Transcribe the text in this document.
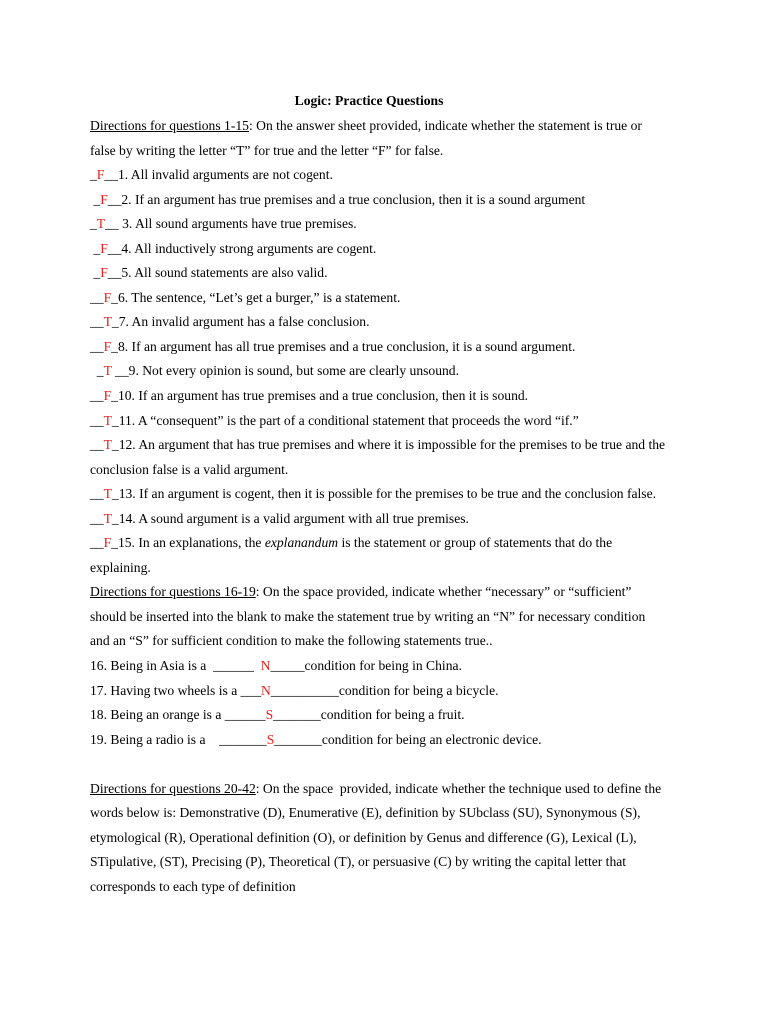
Logic: Practice Questions
Directions for questions 1-15: On the answer sheet provided, indicate whether the statement is true or
false by writing the letter “T” for true and the letter “F” for false.
_F__1. All invalid arguments are not cogent.
_F__2. If an argument has true premises and a true conclusion, then it is a sound argument
_T__ 3. All sound arguments have true premises.
_F__4. All inductively strong arguments are cogent.
_F__5. All sound statements are also valid.
__F_6. The sentence, “Let’s get a burger,” is a statement.
__T_7. An invalid argument has a false conclusion.
__F_8. If an argument has all true premises and a true conclusion, it is a sound argument.
_T __9. Not every opinion is sound, but some are clearly unsound.
__F_10. If an argument has true premises and a true conclusion, then it is sound.
__T_11. A “consequent” is the part of a conditional statement that proceeds the word “if.”
__T_12. An argument that has true premises and where it is impossible for the premises to be true and the
conclusion false is a valid argument.
__T_13. If an argument is cogent, then it is possible for the premises to be true and the conclusion false.
__T_14. A sound argument is a valid argument with all true premises.
__F_15. In an explanations, the explanandum is the statement or group of statements that do the
explaining.
Directions for questions 16-19: On the space provided, indicate whether “necessary” or “sufficient”
should be inserted into the blank to make the statement true by writing an “N” for necessary condition
and an “S” for sufficient condition to make the following statements true..
16. Being in Asia is a  ______  N_____condition for being in China.
17. Having two wheels is a ___N__________condition for being a bicycle.
18. Being an orange is a ______S_______condition for being a fruit.
19. Being a radio is a    _______S_______condition for being an electronic device.
Directions for questions 20-42: On the space  provided, indicate whether the technique used to define the
words below is: Demonstrative (D), Enumerative (E), definition by SUbclass (SU), Synonymous (S),
etymological (R), Operational definition (O), or definition by Genus and difference (G), Lexical (L),
STipulative, (ST), Precising (P), Theoretical (T), or persuasive (C) by writing the capital letter that
corresponds to each type of definition
